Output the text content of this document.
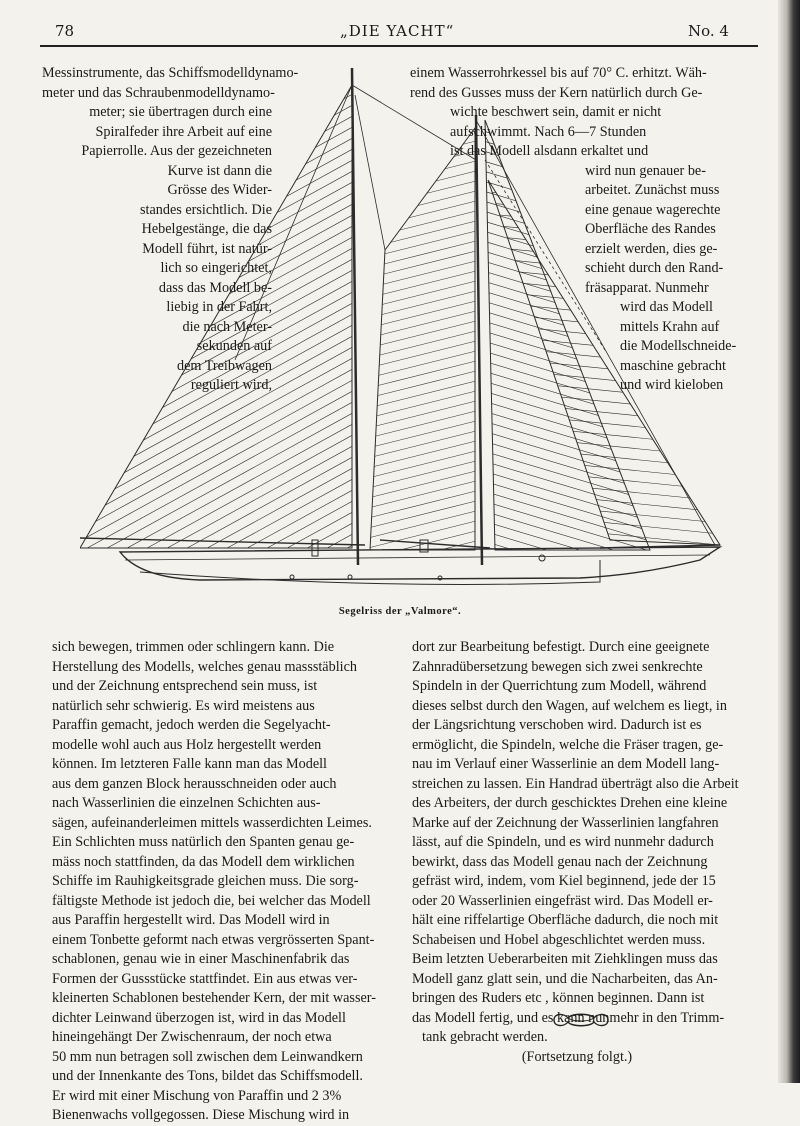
78	„DIE YACHT“	No. 4
Messinstrumente, das Schiffsmodelldynamo-
meter und das Schraubenmodelldynamo-
meter; sie übertragen durch eine
Spiralfeder ihre Arbeit auf eine
Papierrolle. Aus der gezeichneten
Kurve ist dann die
Grösse des Wider-
standes ersichtlich. Die
Hebelgestänge, die das
Modell führt, ist natür-
lich so eingerichtet,
dass das Modell be-
liebig in der Fahrt,
die nach Meter-
sekunden auf
dem Treibwagen
reguliert wird,
einem Wasserrohrkessel bis auf 70° C. erhitzt. Wäh-
rend des Gusses muss der Kern natürlich durch Ge-
wichte beschwert sein, damit er nicht
aufschwimmt. Nach 6—7 Stunden
ist das Modell alsdann erkaltet und
wird nun genauer be-
arbeitet. Zunächst muss
eine genaue wagerechte
Oberfläche des Randes
erzielt werden, dies ge-
schieht durch den Rand-
fräsapparat. Nunmehr
wird das Modell
mittels Krahn auf
die Modellschneide-
maschine gebracht
und wird kieloben
Segelriss der „Valmore“.
sich bewegen, trimmen oder schlingern kann. Die
Herstellung des Modells, welches genau massstäblich
und der Zeichnung entsprechend sein muss, ist
natürlich sehr schwierig. Es wird meistens aus
Paraffin gemacht, jedoch werden die Segelyacht-
modelle wohl auch aus Holz hergestellt werden
können. Im letzteren Falle kann man das Modell
aus dem ganzen Block herausschneiden oder auch
nach Wasserlinien die einzelnen Schichten aus-
sägen, aufeinanderleimen mittels wasserdichten Leimes.
Ein Schlichten muss natürlich den Spanten genau ge-
mäss noch stattfinden, da das Modell dem wirklichen
Schiffe im Rauhigkeitsgrade gleichen muss. Die sorg-
fältigste Methode ist jedoch die, bei welcher das Modell
aus Paraffin hergestellt wird. Das Modell wird in
einem Tonbette geformt nach etwas vergrösserten Spant-
schablonen, genau wie in einer Maschinenfabrik das
Formen der Gussstücke stattfindet. Ein aus etwas ver-
kleinerten Schablonen bestehender Kern, der mit wasser-
dichter Leinwand überzogen ist, wird in das Modell
hineingehängt Der Zwischenraum, der noch etwa
50 mm nun betragen soll zwischen dem Leinwandkern
und der Innenkante des Tons, bildet das Schiffsmodell.
Er wird mit einer Mischung von Paraffin und 2 3%
Bienenwachs vollgegossen. Diese Mischung wird in
dort zur Bearbeitung befestigt. Durch eine geeignete
Zahnradübersetzung bewegen sich zwei senkrechte
Spindeln in der Querrichtung zum Modell, während
dieses selbst durch den Wagen, auf welchem es liegt, in
der Längsrichtung verschoben wird. Dadurch ist es
ermöglicht, die Spindeln, welche die Fräser tragen, ge-
nau im Verlauf einer Wasserlinie an dem Modell lang-
streichen zu lassen. Ein Handrad überträgt also die Arbeit
des Arbeiters, der durch geschicktes Drehen eine kleine
Marke auf der Zeichnung der Wasserlinien langfahren
lässt, auf die Spindeln, und es wird nunmehr dadurch
bewirkt, dass das Modell genau nach der Zeichnung
gefräst wird, indem, vom Kiel beginnend, jede der 15
oder 20 Wasserlinien eingefräst wird. Das Modell er-
hält eine riffelartige Oberfläche dadurch, die noch mit
Schabeisen und Hobel abgeschlichtet werden muss.
Beim letzten Ueberarbeiten mit Ziehklingen muss das
Modell ganz glatt sein, und die Nacharbeiten, das An-
bringen des Ruders etc , können beginnen. Dann ist
das Modell fertig, und es kann nunmehr in den Trimm-
tank gebracht werden.
(Fortsetzung folgt.)
